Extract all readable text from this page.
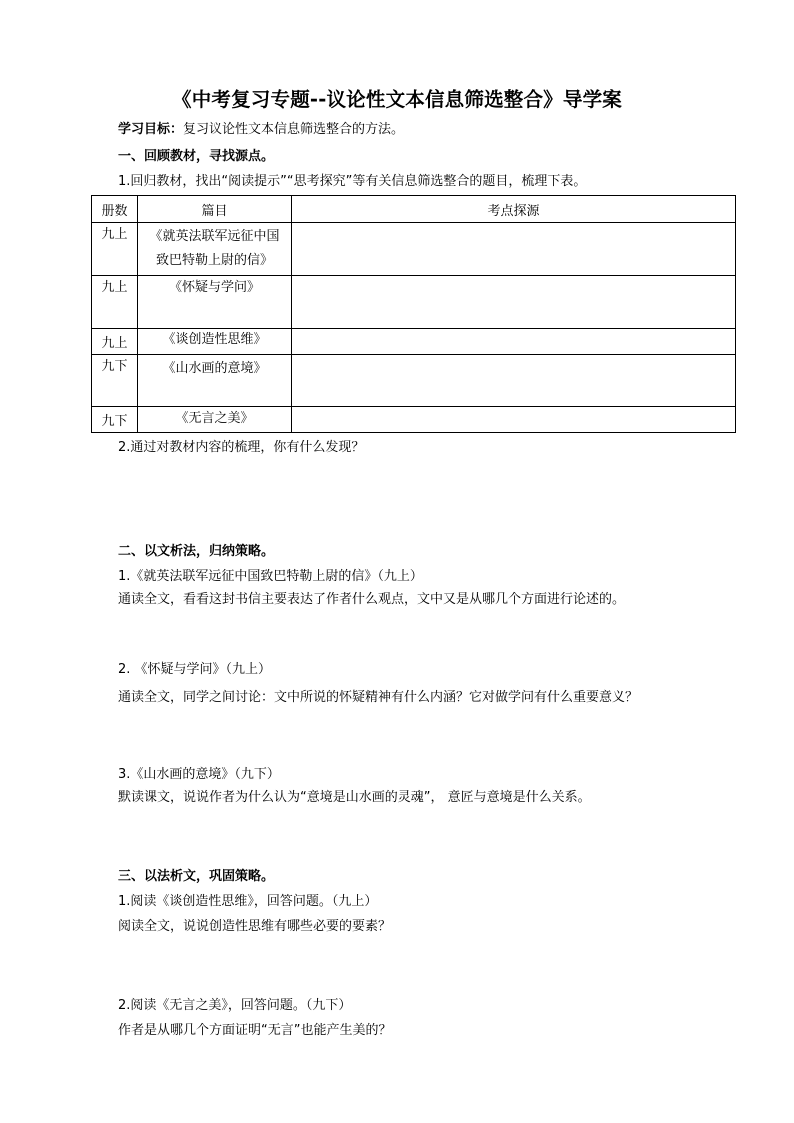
《中考复习专题--议论性文本信息筛选整合》导学案
学习目标：复习议论性文本信息筛选整合的方法。
一、回顾教材，寻找源点。
1.回归教材，找出“阅读提示”“思考探究”等有关信息筛选整合的题目，梳理下表。
册数	篇目	考点探源
九上	《就英法联军远征中国
致巴特勒上尉的信》	

九上	《怀疑与学问》	
九上	《谈创造性思维》	
九下	《山水画的意境》	
九下	《无言之美》	
2.通过对教材内容的梳理，你有什么发现？
二、以文析法，归纳策略。
1.《就英法联军远征中国致巴特勒上尉的信》（九上）
通读全文，看看这封书信主要表达了作者什么观点，文中又是从哪几个方面进行论述的。
2. 《怀疑与学问》（九上）
通读全文，同学之间讨论：文中所说的怀疑精神有什么内涵？它对做学问有什么重要意义？
3.《山水画的意境》（九下）
默读课文，说说作者为什么认为“意境是山水画的灵魂”， 意匠与意境是什么关系。
三、以法析文，巩固策略。
1.阅读《谈创造性思维》，回答问题。（九上）
阅读全文，说说创造性思维有哪些必要的要素？
2.阅读《无言之美》，回答问题。（九下）
作者是从哪几个方面证明“无言”也能产生美的？
